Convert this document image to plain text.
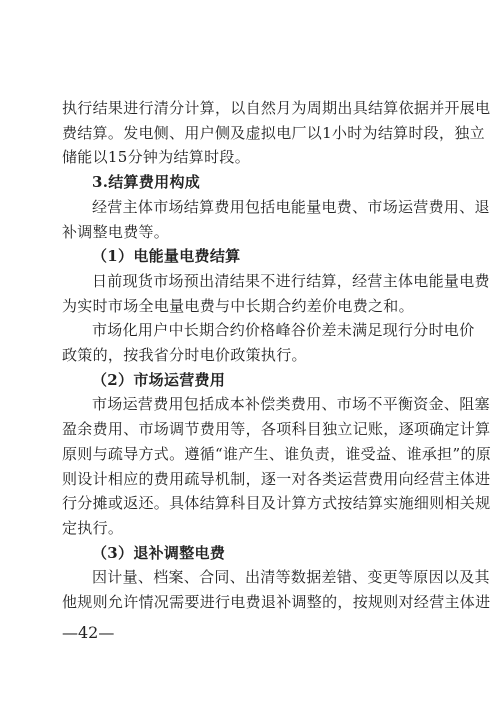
执行结果进行清分计算，以自然月为周期出具结算依据并开展电
费结算。发电侧、用户侧及虚拟电厂以1小时为结算时段，独立
储能以15分钟为结算时段。
3.结算费用构成
经营主体市场结算费用包括电能量电费、市场运营费用、退
补调整电费等。
（1）电能量电费结算
日前现货市场预出清结果不进行结算，经营主体电能量电费
为实时市场全电量电费与中长期合约差价电费之和。
市场化用户中长期合约价格峰谷价差未满足现行分时电价
政策的，按我省分时电价政策执行。
（2）市场运营费用
市场运营费用包括成本补偿类费用、市场不平衡资金、阻塞
盈余费用、市场调节费用等，各项科目独立记账，逐项确定计算
原则与疏导方式。遵循“谁产生、谁负责，谁受益、谁承担”的原
则设计相应的费用疏导机制，逐一对各类运营费用向经营主体进
行分摊或返还。具体结算科目及计算方式按结算实施细则相关规
定执行。
（3）退补调整电费
因计量、档案、合同、出清等数据差错、变更等原因以及其
他规则允许情况需要进行电费退补调整的，按规则对经营主体进
—42—
